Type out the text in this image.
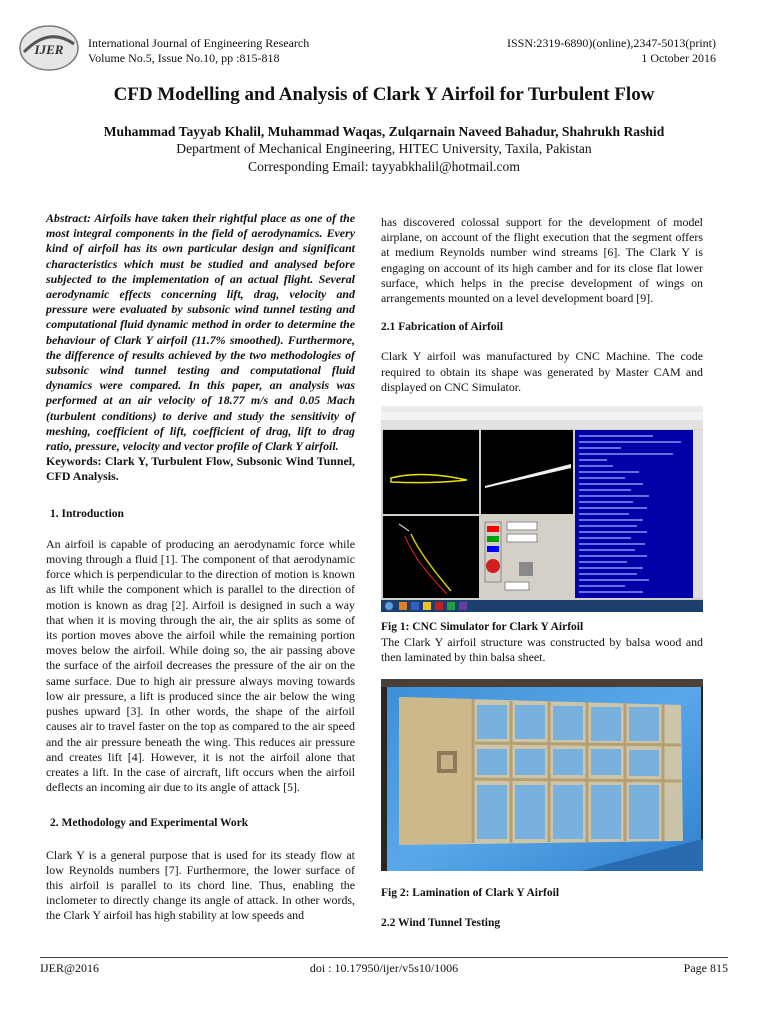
IJER International Journal of Engineering Research
Volume No.5, Issue No.10, pp :815-818
ISSN:2319-6890)(online),2347-5013(print)
1 October 2016
CFD Modelling and Analysis of Clark Y Airfoil for Turbulent Flow
Muhammad Tayyab Khalil, Muhammad Waqas, Zulqarnain Naveed Bahadur, Shahrukh Rashid
Department of Mechanical Engineering, HITEC University, Taxila, Pakistan
Corresponding Email: tayyabkhalil@hotmail.com

Abstract: Airfoils have taken their rightful place as one of the most integral components in the field of aerodynamics. Every kind of airfoil has its own particular design and significant characteristics which must be studied and analysed before subjected to the implementation of an actual flight. Several aerodynamic effects concerning lift, drag, velocity and pressure were evaluated by subsonic wind tunnel testing and computational fluid dynamic method in order to determine the behaviour of Clark Y airfoil (11.7% smoothed). Furthermore, the difference of results achieved by the two methodologies of subsonic wind tunnel testing and computational fluid dynamics were compared. In this paper, an analysis was performed at an air velocity of 18.77 m/s and 0.05 Mach (turbulent conditions) to derive and study the sensitivity of meshing, coefficient of lift, coefficient of drag, lift to drag ratio, pressure, velocity and vector profile of Clark Y airfoil.

Keywords: Clark Y, Turbulent Flow, Subsonic Wind Tunnel, CFD Analysis.

1. Introduction

An airfoil is capable of producing an aerodynamic force while moving through a fluid [1]. The component of that aerodynamic force which is perpendicular to the direction of motion is known as lift while the component which is parallel to the direction of motion is known as drag [2]. Airfoil is designed in such a way that when it is moving through the air, the air splits as some of its portion moves above the airfoil while the remaining portion moves below the airfoil. While doing so, the air passing above the surface of the airfoil decreases the pressure of the air on the same surface. Due to high air pressure always moving towards low air pressure, a lift is produced since the air below the wing pushes upward [3]. In other words, the shape of the airfoil causes air to travel faster on the top as compared to the air speed and the air pressure beneath the wing. This reduces air pressure and creates lift [4]. However, it is not the airfoil alone that creates a lift. In the case of aircraft, lift occurs when the airfoil deflects an incoming air due to its angle of attack [5].

2. Methodology and Experimental Work

Clark Y is a general purpose that is used for its steady flow at low Reynolds numbers [7]. Furthermore, the lower surface of this airfoil is parallel to its chord line. Thus, enabling the inclometer to directly change its angle of attack. In other words, the Clark Y airfoil has high stability at low speeds and

has discovered colossal support for the development of model airplane, on account of the flight execution that the segment offers at medium Reynolds number wind streams [6]. The Clark Y is engaging on account of its high camber and for its close flat lower surface, which helps in the precise development of wings on arrangements mounted on a level development board [9].

2.1 Fabrication of Airfoil

Clark Y airfoil was manufactured by CNC Machine. The code required to obtain its shape was generated by Master CAM and displayed on CNC Simulator.

Fig 1: CNC Simulator for Clark Y Airfoil

The Clark Y airfoil structure was constructed by balsa wood and then laminated by thin balsa sheet.

Fig 2: Lamination of Clark Y Airfoil

2.2 Wind Tunnel Testing

IJER@2016	doi : 10.17950/ijer/v5s10/1006	Page 815
